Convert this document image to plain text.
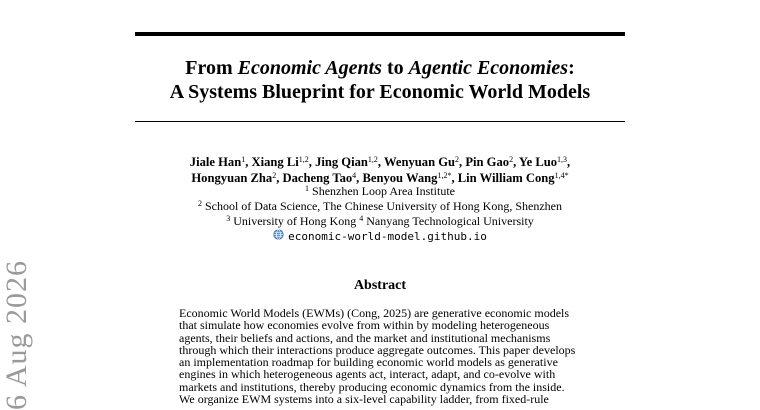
From Economic Agents to Agentic Economies:
A Systems Blueprint for Economic World Models
Jiale Han$^1$, Xiang Li$^{1,2}$, Jing Qian$^{1,2}$, Wenyuan Gu$^2$, Pin Gao$^2$, Ye Luo$^{1,3}$,
Hongyuan Zha$^2$, Dacheng Tao$^4$, Benyou Wang$^{1,2*}$, Lin William Cong$^{1,4*}$
$^1$ Shenzhen Loop Area Institute
$^2$ School of Data Science, The Chinese University of Hong Kong, Shenzhen
$^3$ University of Hong Kong $^4$ Nanyang Technological University
economic-world-model.github.io
Abstract
Economic World Models (EWMs) (Cong, 2025) are generative economic models
that simulate how economies evolve from within by modeling heterogeneous
agents, their beliefs and actions, and the market and institutional mechanisms
through which their interactions produce aggregate outcomes. This paper develops
an implementation roadmap for building economic world models as generative
engines in which heterogeneous agents act, interact, adapt, and co-evolve with
markets and institutions, thereby producing economic dynamics from the inside.
We organize EWM systems into a six-level capability ladder, from fixed-rule
6 Aug 2026
